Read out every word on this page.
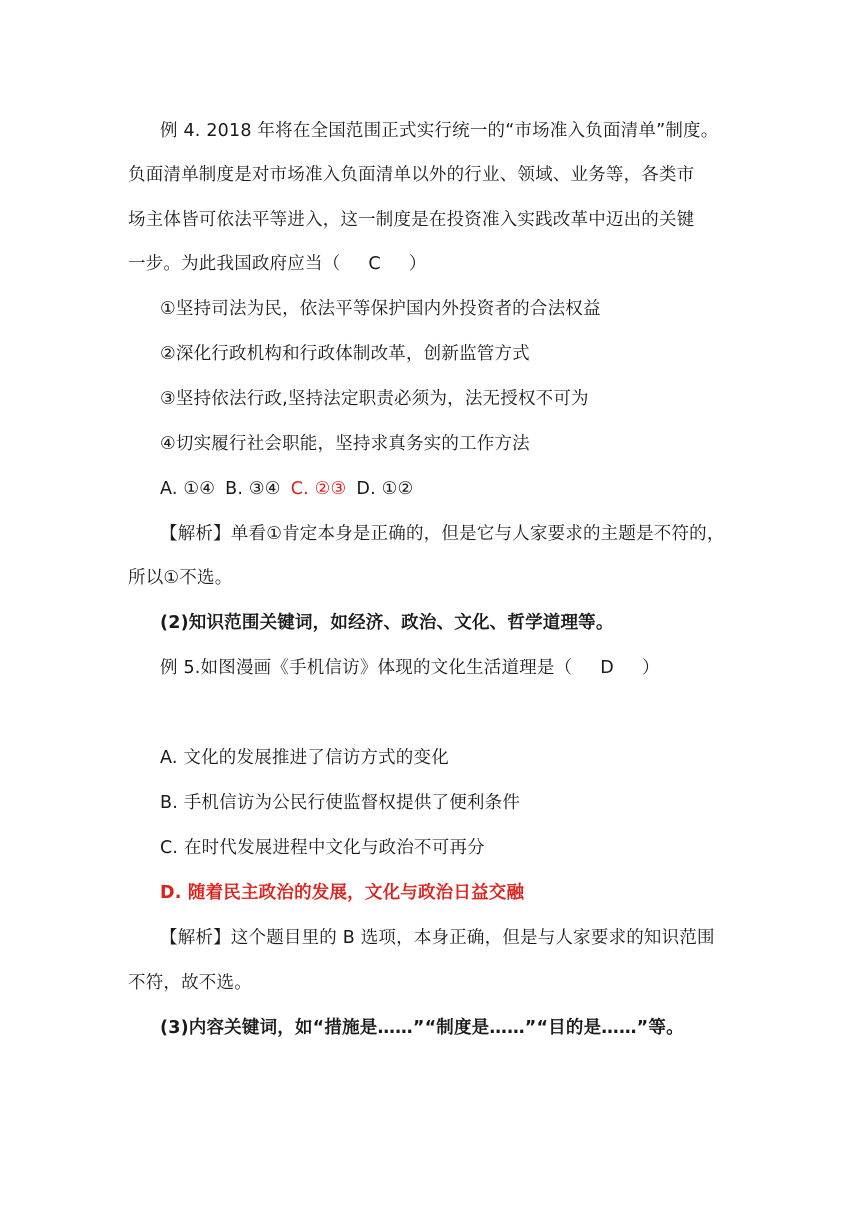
例 4. 2018 年将在全国范围正式实行统一的“市场准入负面清单”制度。
负面清单制度是对市场准入负面清单以外的行业、领域、业务等，各类市
场主体皆可依法平等进入，这一制度是在投资准入实践改革中迈出的关键
一步。为此我国政府应当（ C ）
①坚持司法为民，依法平等保护国内外投资者的合法权益
②深化行政机构和行政体制改革，创新监管方式
③坚持依法行政,坚持法定职责必须为，法无授权不可为
④切实履行社会职能，坚持求真务实的工作方法
A. ①④ B. ③④ C. ②③ D. ①②
【解析】单看①肯定本身是正确的，但是它与人家要求的主题是不符的，
所以①不选。
(2)知识范围关键词，如经济、政治、文化、哲学道理等。
例 5.如图漫画《手机信访》体现的文化生活道理是（ D ）
A. 文化的发展推进了信访方式的变化
B. 手机信访为公民行使监督权提供了便利条件
C. 在时代发展进程中文化与政治不可再分
D. 随着民主政治的发展，文化与政治日益交融
【解析】这个题目里的 B 选项，本身正确，但是与人家要求的知识范围
不符，故不选。
(3)内容关键词，如“措施是……”“制度是……”“目的是……”等。
